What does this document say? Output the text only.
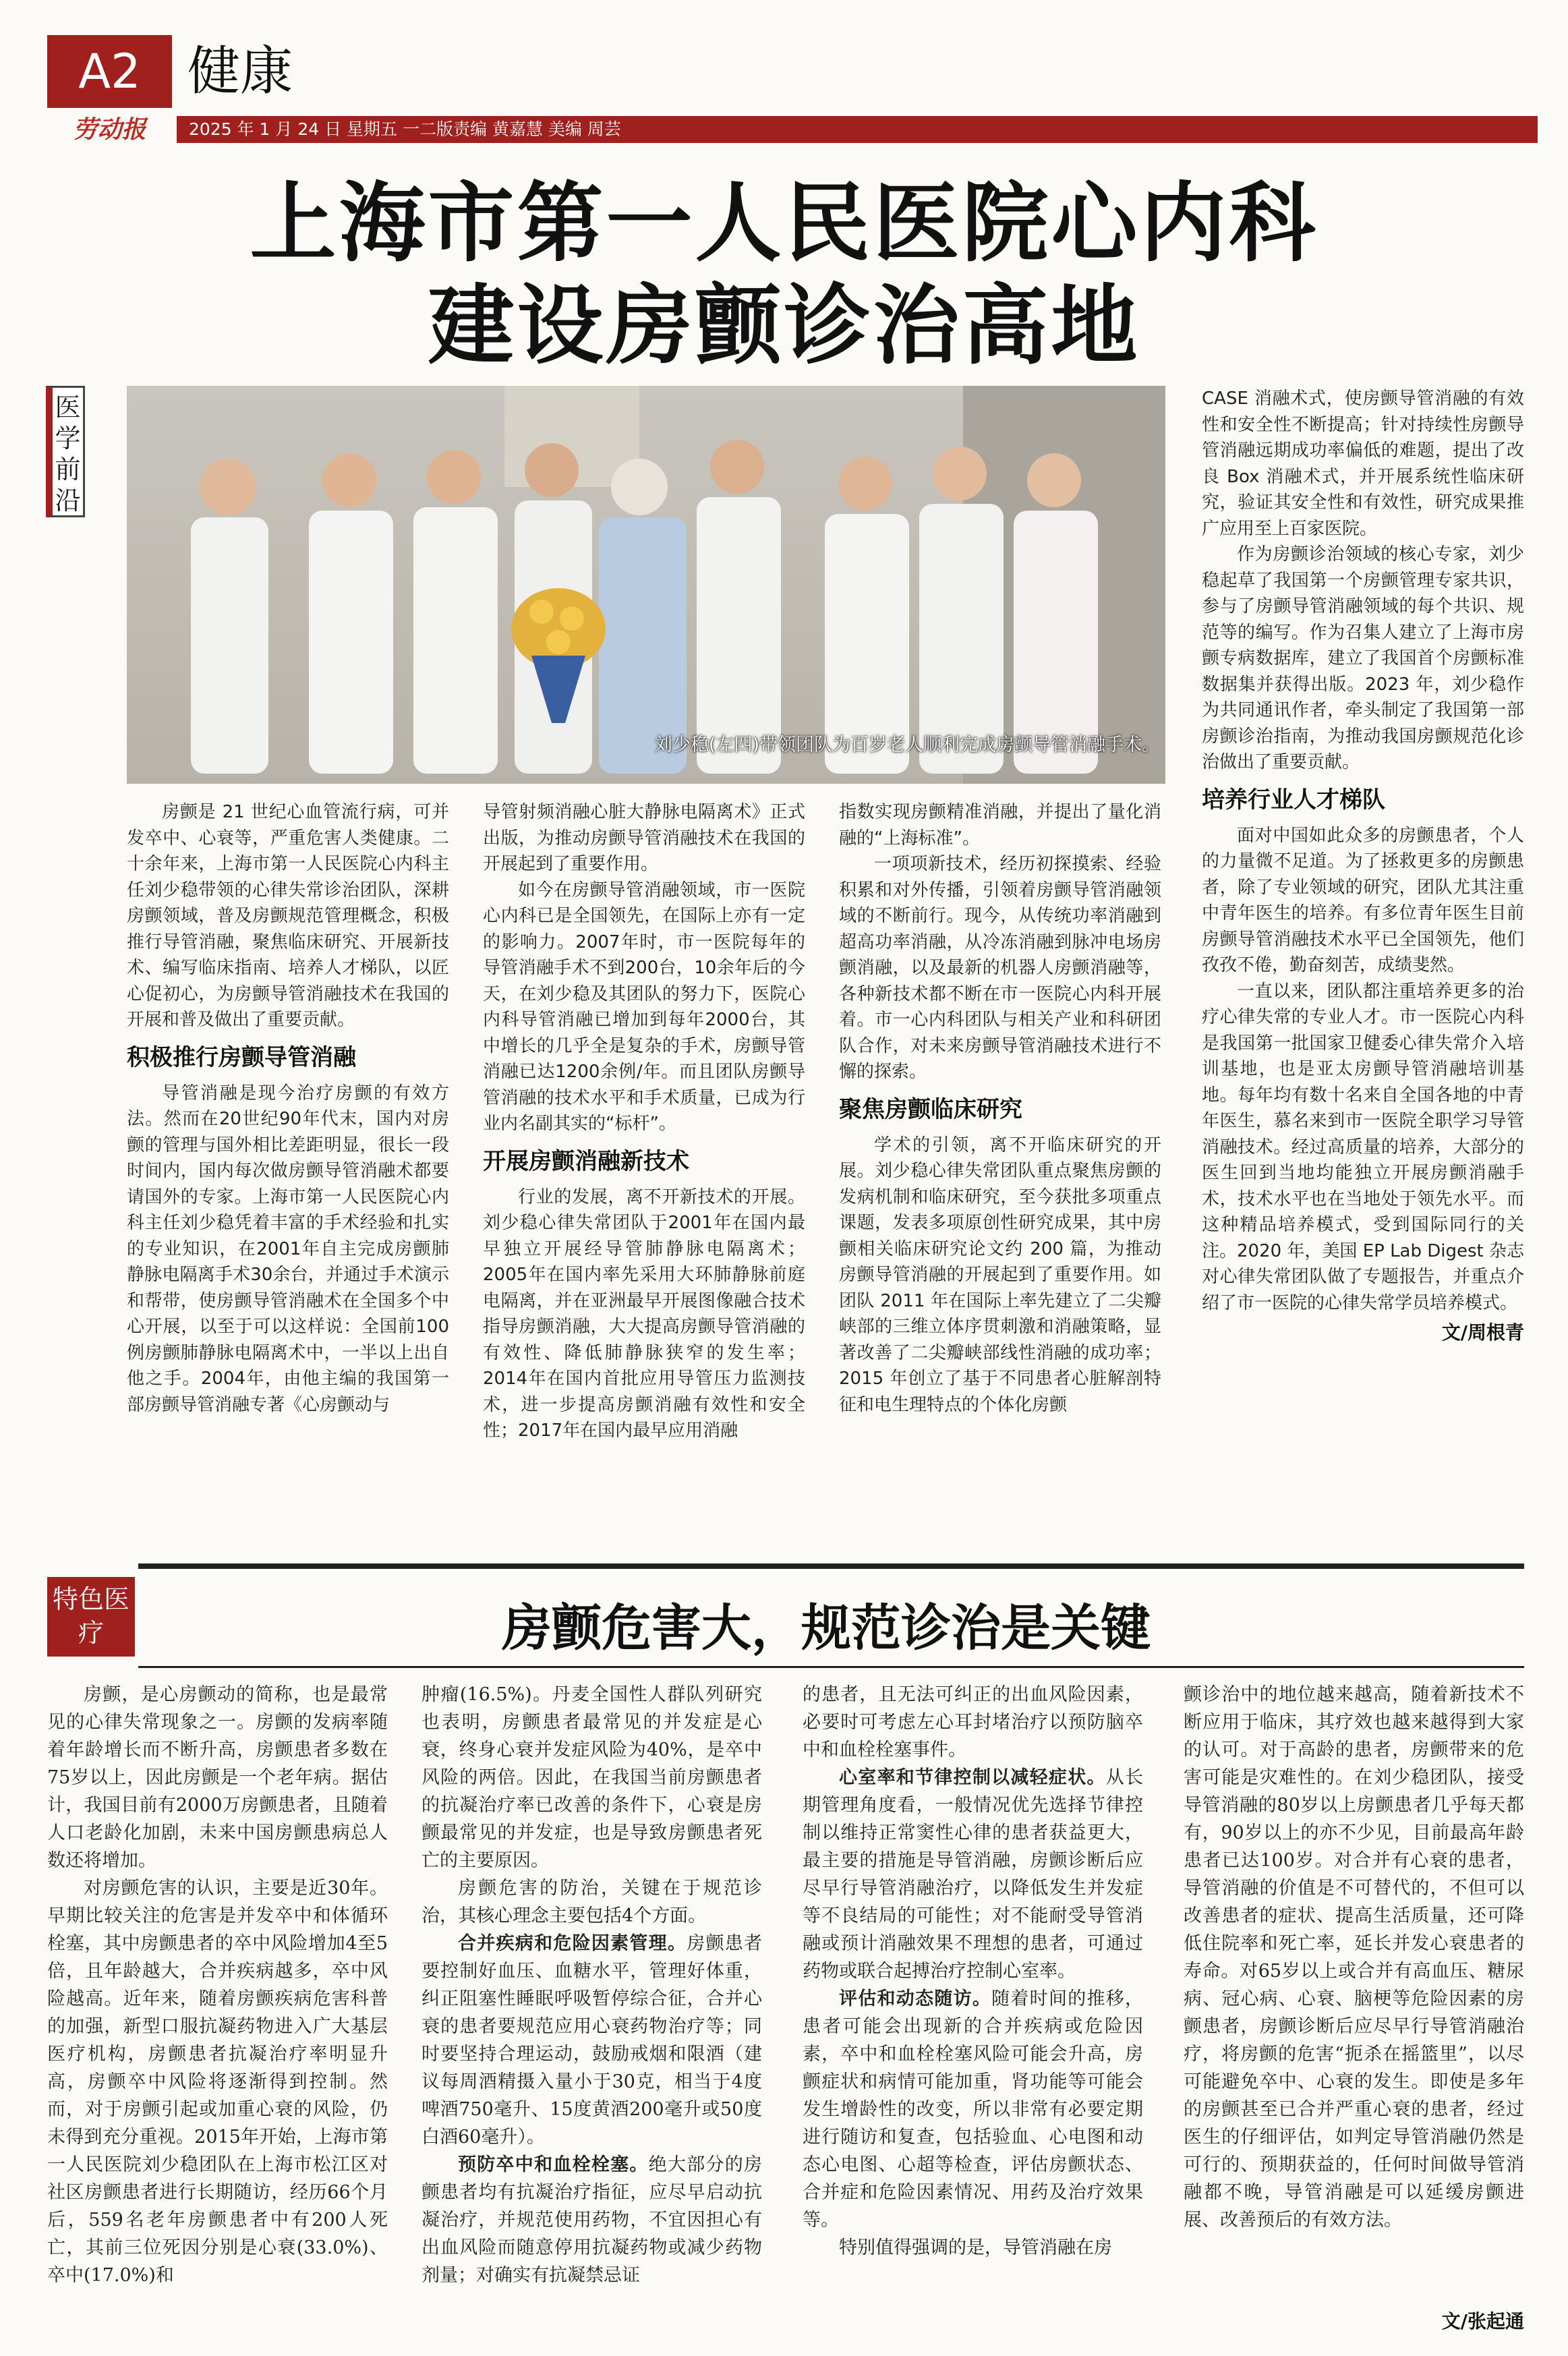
A2 健康
劳动报	2025 年 1 月 24 日 星期五 一二版责编 黄嘉慧 美编 周芸
上海市第一人民医院心内科
建设房颤诊治高地
医学前沿
刘少稳(左四)带领团队为百岁老人顺利完成房颤导管消融手术。

CASE 消融术式，使房颤导管消融的有效性和安全性不断提高；针对持续性房颤导管消融远期成功率偏低的难题，提出了改良 Box 消融术式，并开展系统性临床研究，验证其安全性和有效性，研究成果推广应用至上百家医院。

作为房颤诊治领域的核心专家，刘少稳起草了我国第一个房颤管理专家共识，参与了房颤导管消融领域的每个共识、规范等的编写。作为召集人建立了上海市房颤专病数据库，建立了我国首个房颤标准数据集并获得出版。2023 年，刘少稳作为共同通讯作者，牵头制定了我国第一部房颤诊治指南，为推动我国房颤规范化诊治做出了重要贡献。

培养行业人才梯队

面对中国如此众多的房颤患者，个人的力量微不足道。为了拯救更多的房颤患者，除了专业领域的研究，团队尤其注重中青年医生的培养。有多位青年医生目前房颤导管消融技术水平已全国领先，他们孜孜不倦，勤奋刻苦，成绩斐然。

一直以来，团队都注重培养更多的治疗心律失常的专业人才。市一医院心内科是我国第一批国家卫健委心律失常介入培训基地，也是亚太房颤导管消融培训基地。每年均有数十名来自全国各地的中青年医生，慕名来到市一医院全职学习导管消融技术。经过高质量的培养，大部分的医生回到当地均能独立开展房颤消融手术，技术水平也在当地处于领先水平。而这种精品培养模式，受到国际同行的关注。2020 年，美国 EP Lab Digest 杂志对心律失常团队做了专题报告，并重点介绍了市一医院的心律失常学员培养模式。

文/周根青

房颤是 21 世纪心血管流行病，可并发卒中、心衰等，严重危害人类健康。二十余年来，上海市第一人民医院心内科主任刘少稳带领的心律失常诊治团队，深耕房颤领域，普及房颤规范管理概念，积极推行导管消融，聚焦临床研究、开展新技术、编写临床指南、培养人才梯队，以匠心促初心，为房颤导管消融技术在我国的开展和普及做出了重要贡献。

积极推行房颤导管消融

导管消融是现今治疗房颤的有效方法。然而在20世纪90年代末，国内对房颤的管理与国外相比差距明显，很长一段时间内，国内每次做房颤导管消融术都要请国外的专家。上海市第一人民医院心内科主任刘少稳凭着丰富的手术经验和扎实的专业知识，在2001年自主完成房颤肺静脉电隔离手术30余台，并通过手术演示和帮带，使房颤导管消融术在全国多个中心开展，以至于可以这样说：全国前100例房颤肺静脉电隔离术中，一半以上出自他之手。2004年，由他主编的我国第一部房颤导管消融专著《心房颤动与

导管射频消融心脏大静脉电隔离术》正式出版，为推动房颤导管消融技术在我国的开展起到了重要作用。

如今在房颤导管消融领域，市一医院心内科已是全国领先，在国际上亦有一定的影响力。2007年时，市一医院每年的导管消融手术不到200台，10余年后的今天，在刘少稳及其团队的努力下，医院心内科导管消融已增加到每年2000台，其中增长的几乎全是复杂的手术，房颤导管消融已达1200余例/年。而且团队房颤导管消融的技术水平和手术质量，已成为行业内名副其实的“标杆”。

开展房颤消融新技术

行业的发展，离不开新技术的开展。刘少稳心律失常团队于2001年在国内最早独立开展经导管肺静脉电隔离术；2005年在国内率先采用大环肺静脉前庭电隔离，并在亚洲最早开展图像融合技术指导房颤消融，大大提高房颤导管消融的有效性、降低肺静脉狭窄的发生率；2014年在国内首批应用导管压力监测技术，进一步提高房颤消融有效性和安全性；2017年在国内最早应用消融

指数实现房颤精准消融，并提出了量化消融的“上海标准”。

一项项新技术，经历初探摸索、经验积累和对外传播，引领着房颤导管消融领域的不断前行。现今，从传统功率消融到超高功率消融，从冷冻消融到脉冲电场房颤消融，以及最新的机器人房颤消融等，各种新技术都不断在市一医院心内科开展着。市一心内科团队与相关产业和科研团队合作，对未来房颤导管消融技术进行不懈的探索。

聚焦房颤临床研究

学术的引领，离不开临床研究的开展。刘少稳心律失常团队重点聚焦房颤的发病机制和临床研究，至今获批多项重点课题，发表多项原创性研究成果，其中房颤相关临床研究论文约 200 篇，为推动房颤导管消融的开展起到了重要作用。如团队 2011 年在国际上率先建立了二尖瓣峡部的三维立体序贯刺激和消融策略，显著改善了二尖瓣峡部线性消融的成功率；2015 年创立了基于不同患者心脏解剖特征和电生理特点的个体化房颤

特色医疗	房颤危害大，规范诊治是关键

房颤，是心房颤动的简称，也是最常见的心律失常现象之一。房颤的发病率随着年龄增长而不断升高，房颤患者多数在75岁以上，因此房颤是一个老年病。据估计，我国目前有2000万房颤患者，且随着人口老龄化加剧，未来中国房颤患病总人数还将增加。

对房颤危害的认识，主要是近30年。早期比较关注的危害是并发卒中和体循环栓塞，其中房颤患者的卒中风险增加4至5倍，且年龄越大，合并疾病越多，卒中风险越高。近年来，随着房颤疾病危害科普的加强，新型口服抗凝药物进入广大基层医疗机构，房颤患者抗凝治疗率明显升高，房颤卒中风险将逐渐得到控制。然而，对于房颤引起或加重心衰的风险，仍未得到充分重视。2015年开始，上海市第一人民医院刘少稳团队在上海市松江区对社区房颤患者进行长期随访，经历66个月后，559名老年房颤患者中有200人死亡，其前三位死因分别是心衰(33.0%)、卒中(17.0%)和

肿瘤(16.5%)。丹麦全国性人群队列研究也表明，房颤患者最常见的并发症是心衰，终身心衰并发症风险为40%，是卒中风险的两倍。因此，在我国当前房颤患者的抗凝治疗率已改善的条件下，心衰是房颤最常见的并发症，也是导致房颤患者死亡的主要原因。

房颤危害的防治，关键在于规范诊治，其核心理念主要包括4个方面。

合并疾病和危险因素管理。房颤患者要控制好血压、血糖水平，管理好体重，纠正阻塞性睡眠呼吸暂停综合征，合并心衰的患者要规范应用心衰药物治疗等；同时要坚持合理运动，鼓励戒烟和限酒（建议每周酒精摄入量小于30克，相当于4度啤酒750毫升、15度黄酒200毫升或50度白酒60毫升）。

预防卒中和血栓栓塞。绝大部分的房颤患者均有抗凝治疗指征，应尽早启动抗凝治疗，并规范使用药物，不宜因担心有出血风险而随意停用抗凝药物或减少药物剂量；对确实有抗凝禁忌证

的患者，且无法可纠正的出血风险因素，必要时可考虑左心耳封堵治疗以预防脑卒中和血栓栓塞事件。

心室率和节律控制以减轻症状。从长期管理角度看，一般情况优先选择节律控制以维持正常窦性心律的患者获益更大，最主要的措施是导管消融，房颤诊断后应尽早行导管消融治疗，以降低发生并发症等不良结局的可能性；对不能耐受导管消融或预计消融效果不理想的患者，可通过药物或联合起搏治疗控制心室率。

评估和动态随访。随着时间的推移，患者可能会出现新的合并疾病或危险因素，卒中和血栓栓塞风险可能会升高，房颤症状和病情可能加重，肾功能等可能会发生增龄性的改变，所以非常有必要定期进行随访和复查，包括验血、心电图和动态心电图、心超等检查，评估房颤状态、合并症和危险因素情况、用药及治疗效果等。

特别值得强调的是，导管消融在房

颤诊治中的地位越来越高，随着新技术不断应用于临床，其疗效也越来越得到大家的认可。对于高龄的患者，房颤带来的危害可能是灾难性的。在刘少稳团队，接受导管消融的80岁以上房颤患者几乎每天都有，90岁以上的亦不少见，目前最高年龄患者已达100岁。对合并有心衰的患者，导管消融的价值是不可替代的，不但可以改善患者的症状、提高生活质量，还可降低住院率和死亡率，延长并发心衰患者的寿命。对65岁以上或合并有高血压、糖尿病、冠心病、心衰、脑梗等危险因素的房颤患者，房颤诊断后应尽早行导管消融治疗，将房颤的危害“扼杀在摇篮里”，以尽可能避免卒中、心衰的发生。即使是多年的房颤甚至已合并严重心衰的患者，经过医生的仔细评估，如判定导管消融仍然是可行的、预期获益的，任何时间做导管消融都不晚，导管消融是可以延缓房颤进展、改善预后的有效方法。

文/张起通
